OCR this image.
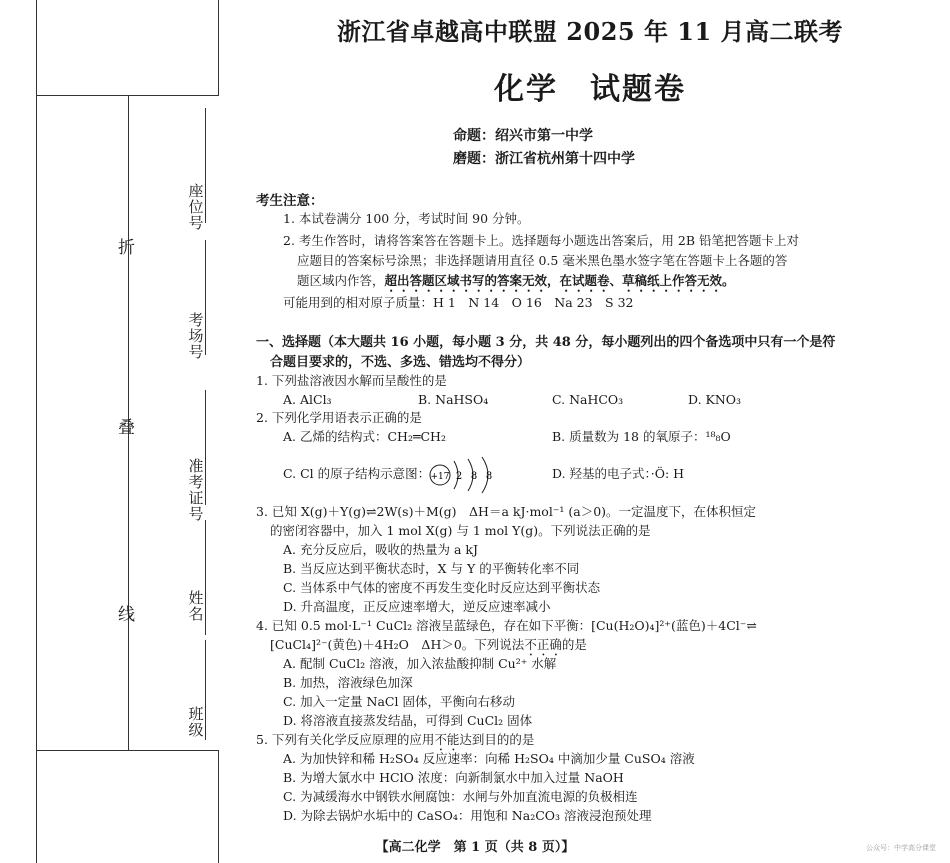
折
叠
线
座
位
号
考
场
号
准
考
证
号
姓
名
班
级
浙江省卓越高中联盟 2025 年 11 月高二联考
化学　试题卷
命题：绍兴市第一中学
磨题：浙江省杭州第十四中学
考生注意：
1. 本试卷满分 100 分，考试时间 90 分钟。
2. 考生作答时，请将答案答在答题卡上。选择题每小题选出答案后，用 2B 铅笔把答题卡上对
应题目的答案标号涂黑；非选择题请用直径 0.5 毫米黑色墨水签字笔在答题卡上各题的答
题区域内作答，超出答题区域书写的答案无效，在试题卷、草稿纸上作答无效。
可能用到的相对原子质量：H 1　N 14　O 16　Na 23　S 32
一、选择题（本大题共 16 小题，每小题 3 分，共 48 分，每小题列出的四个备选项中只有一个是符
合题目要求的，不选、多选、错选均不得分）
1. 下列盐溶液因水解而呈酸性的是
A. AlCl₃	B. NaHSO₄	C. NaHCO₃	D. KNO₃
2. 下列化学用语表示正确的是
A. 乙烯的结构式：CH₂═CH₂	B. 质量数为 18 的氧原子：¹⁸₈O
C. Cl 的原子结构示意图： +17 2 8 8	D. 羟基的电子式：·Ö: H
3. 已知 X(g)＋Y(g)⇌2W(s)＋M(g)　ΔH＝a kJ·mol⁻¹ (a＞0)。一定温度下，在体积恒定
的密闭容器中，加入 1 mol X(g) 与 1 mol Y(g)。下列说法正确的是
A. 充分反应后，吸收的热量为 a kJ
B. 当反应达到平衡状态时，X 与 Y 的平衡转化率不同
C. 当体系中气体的密度不再发生变化时反应达到平衡状态
D. 升高温度，正反应速率增大，逆反应速率减小
4. 已知 0.5 mol·L⁻¹ CuCl₂ 溶液呈蓝绿色，存在如下平衡：[Cu(H₂O)₄]²⁺(蓝色)＋4Cl⁻⇌
[CuCl₄]²⁻(黄色)＋4H₂O　ΔH＞0。下列说法不正确的是
A. 配制 CuCl₂ 溶液，加入浓盐酸抑制 Cu²⁺ 水解
B. 加热，溶液绿色加深
C. 加入一定量 NaCl 固体，平衡向右移动
D. 将溶液直接蒸发结晶，可得到 CuCl₂ 固体
5. 下列有关化学反应原理的应用不能达到目的的是
A. 为加快锌和稀 H₂SO₄ 反应速率：向稀 H₂SO₄ 中滴加少量 CuSO₄ 溶液
B. 为增大氯水中 HClO 浓度：向新制氯水中加入过量 NaOH
C. 为减缓海水中钢铁水闸腐蚀：水闸与外加直流电源的负极相连
D. 为除去锅炉水垢中的 CaSO₄：用饱和 Na₂CO₃ 溶液浸泡预处理
【高二化学　第 1 页（共 8 页）】	公众号：中学高分课堂
